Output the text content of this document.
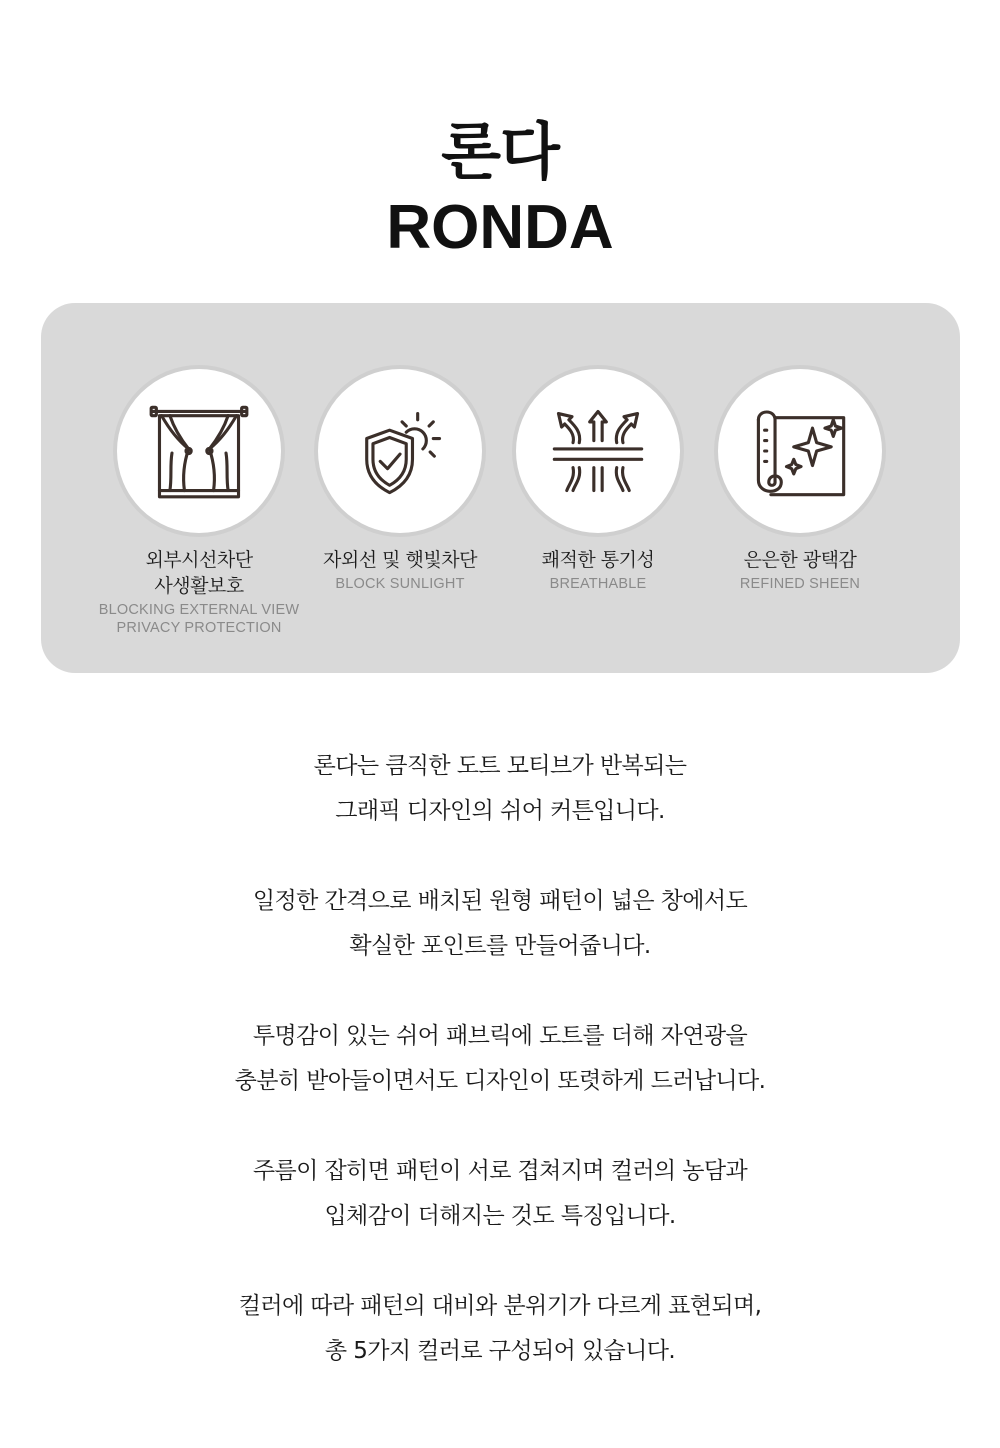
론다
RONDA
외부시선차단
사생활보호
BLOCKING EXTERNAL VIEW
PRIVACY PROTECTION
자외선 및 햇빛차단
BLOCK SUNLIGHT
쾌적한 통기성
BREATHABLE
은은한 광택감
REFINED SHEEN

론다는 큼직한 도트 모티브가 반복되는
그래픽 디자인의 쉬어 커튼입니다.

일정한 간격으로 배치된 원형 패턴이 넓은 창에서도
확실한 포인트를 만들어줍니다.

투명감이 있는 쉬어 패브릭에 도트를 더해 자연광을
충분히 받아들이면서도 디자인이 또렷하게 드러납니다.

주름이 잡히면 패턴이 서로 겹쳐지며 컬러의 농담과
입체감이 더해지는 것도 특징입니다.

컬러에 따라 패턴의 대비와 분위기가 다르게 표현되며,
총 5가지 컬러로 구성되어 있습니다.
